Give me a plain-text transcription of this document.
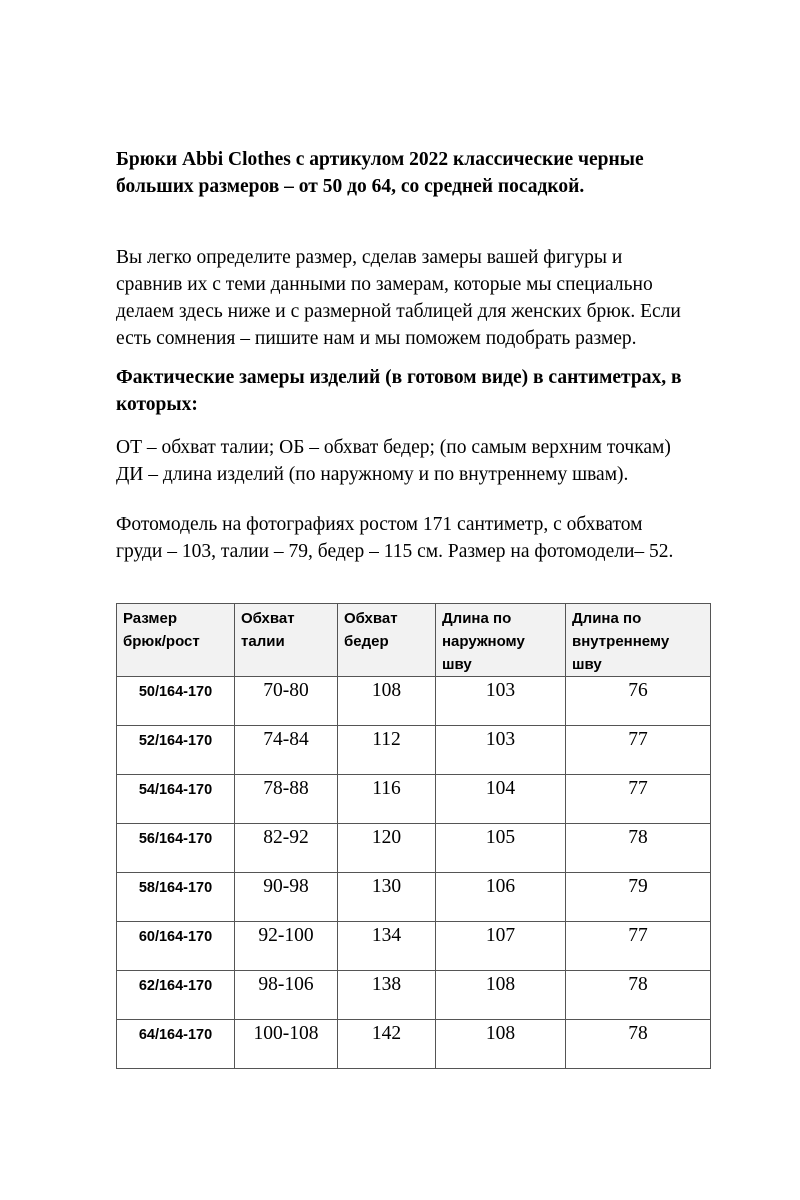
Брюки Abbi Clothes с артикулом 2022 классические черные
больших размеров – от 50 до 64, со средней посадкой.
Вы легко определите размер, сделав замеры вашей фигуры и
сравнив их с теми данными по замерам, которые мы специально
делаем здесь ниже и с размерной таблицей для женских брюк. Если
есть сомнения – пишите нам и мы поможем подобрать размер.
Фактические замеры изделий (в готовом виде) в сантиметрах, в
которых:
ОТ – обхват талии; ОБ – обхват бедер; (по самым верхним точкам)
ДИ – длина изделий (по наружному и по внутреннему швам).
Фотомодель на фотографиях ростом 171 сантиметр, с обхватом
груди – 103, талии – 79, бедер – 115 см. Размер на фотомодели– 52.
Размер
брюк/рост	Обхват
талии	Обхват
бедер	Длина по
наружному
шву	Длина по
внутреннему
шву
50/164-170	70-80	108	103	76
52/164-170	74-84	112	103	77
54/164-170	78-88	116	104	77
56/164-170	82-92	120	105	78
58/164-170	90-98	130	106	79
60/164-170	92-100	134	107	77
62/164-170	98-106	138	108	78
64/164-170	100-108	142	108	78
